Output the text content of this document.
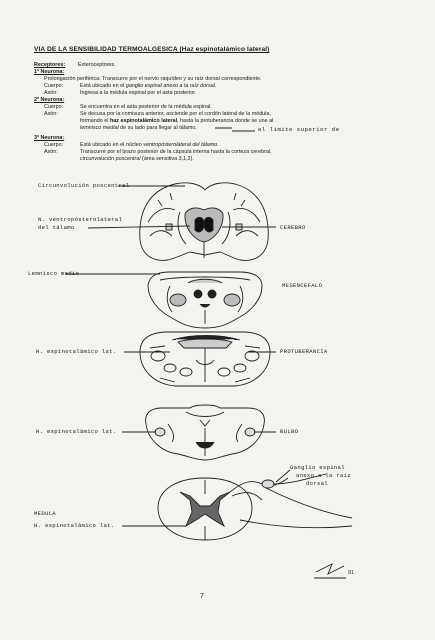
VIA DE LA SENSIBILIDAD TERMOALGESICA (Haz espinotalámico lateral)
Receptores: Exteroceptores.
1ª Neurona:
Prolongación periférica: Transcurre por el nervio raquídeo y su raíz dorsal correspondiente.
Cuerpo:	Está ubicado en el ganglio espinal anexo a la raíz dorsal.
Axón:	Ingresa a la médula espinal por el asta posterior.
2ª Neurona:
Cuerpo:	Se encuentra en el asta posterior de la médula espinal.
Axón:	Se decusa por la comisura anterior, asciende por el cordón lateral de la médula,
formando el haz espinotalámico lateral, hasta la protuberancia donde se une al
lemnisco medial de su lado para llegar al tálamo.	el límite superior de
3ª Neurona:
Cuerpo:	Está ubicado en el núcleo ventropósterolateral del tálamo.
Axón:	Transcurre por el brazo posterior de la cápsula interna hasta la corteza cerebral,
circunvolución poscentral (área sensitiva 3,1,2).
Circunvolución poscentral
N. ventropósterolateral
del tálamo	CEREBRO
Lemnisco medio
MESENCEFALO
H. espinotalámico lat.	PROTUBERANCIA
H. espinotalámico lat.	BULBO
Ganglio espinal
anexo a la raíz
dorsal
MEDULA
H. espinotalámico lat.
91
7
